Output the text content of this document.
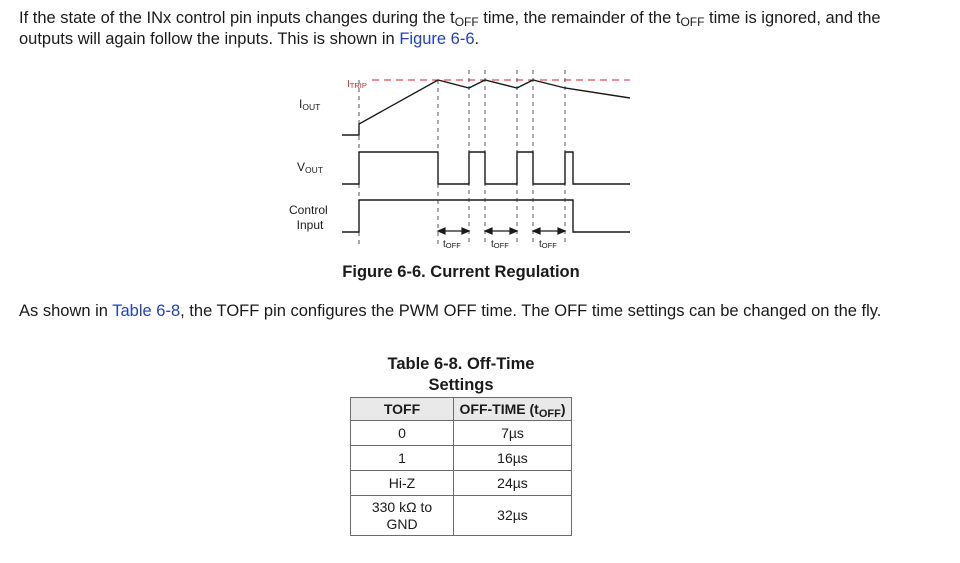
If the state of the INx control pin inputs changes during the $t_{OFF}$ time, the remainder of the $t_{OFF}$ time is ignored, and the outputs will again follow the inputs. This is shown in Figure 6-6.

ITRIP
IOUT
VOUT
Control Input
tOFF	tOFF	tOFF
Figure 6-6. Current Regulation

As shown in Table 6-8, the TOFF pin configures the PWM OFF time. The OFF time settings can be changed on the fly.

Table 6-8. Off-Time
Settings
TOFF	OFF-TIME $(t_{OFF})$
0	7µs
1	16µs
Hi-Z	24µs

330 kΩ to
GND	32µs
